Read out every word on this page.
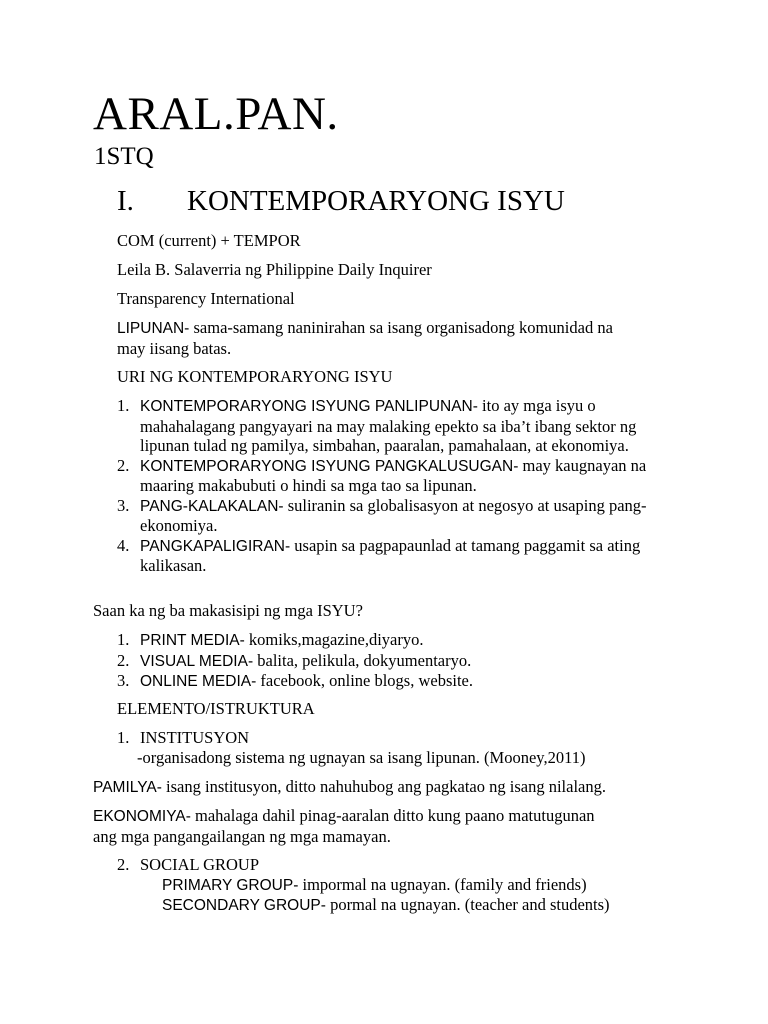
ARAL.PAN.
1STQ
I.	KONTEMPORARYONG ISYU
COM (current) + TEMPOR
Leila B. Salaverria ng Philippine Daily Inquirer
Transparency International
LIPUNAN- sama-samang naninirahan sa isang organisadong komunidad na
may iisang batas.
URI NG KONTEMPORARYONG ISYU
1. KONTEMPORARYONG ISYUNG PANLIPUNAN- ito ay mga isyu o mahahalagang pangyayari na may malaking epekto sa iba’t ibang sektor ng lipunan tulad ng pamilya, simbahan, paaralan, pamahalaan, at ekonomiya.
2. KONTEMPORARYONG ISYUNG PANGKALUSUGAN- may kaugnayan na maaring makabubuti o hindi sa mga tao sa lipunan.
3. PANG-KALAKALAN- suliranin sa globalisasyon at negosyo at usaping pang-ekonomiya.
4. PANGKAPALIGIRAN- usapin sa pagpapaunlad at tamang paggamit sa ating kalikasan.
Saan ka ng ba makasisipi ng mga ISYU?
1. PRINT MEDIA- komiks,magazine,diyaryo.
2. VISUAL MEDIA- balita, pelikula, dokyumentaryo.
3. ONLINE MEDIA- facebook, online blogs, website.
ELEMENTO/ISTRUKTURA
1. INSTITUSYON
-organisadong sistema ng ugnayan sa isang lipunan. (Mooney,2011)
PAMILYA- isang institusyon, ditto nahuhubog ang pagkatao ng isang nilalang.
EKONOMIYA- mahalaga dahil pinag-aaralan ditto kung paano matutugunan
ang mga pangangailangan ng mga mamayan.
2. SOCIAL GROUP
PRIMARY GROUP- impormal na ugnayan. (family and friends)
SECONDARY GROUP- pormal na ugnayan. (teacher and students)
